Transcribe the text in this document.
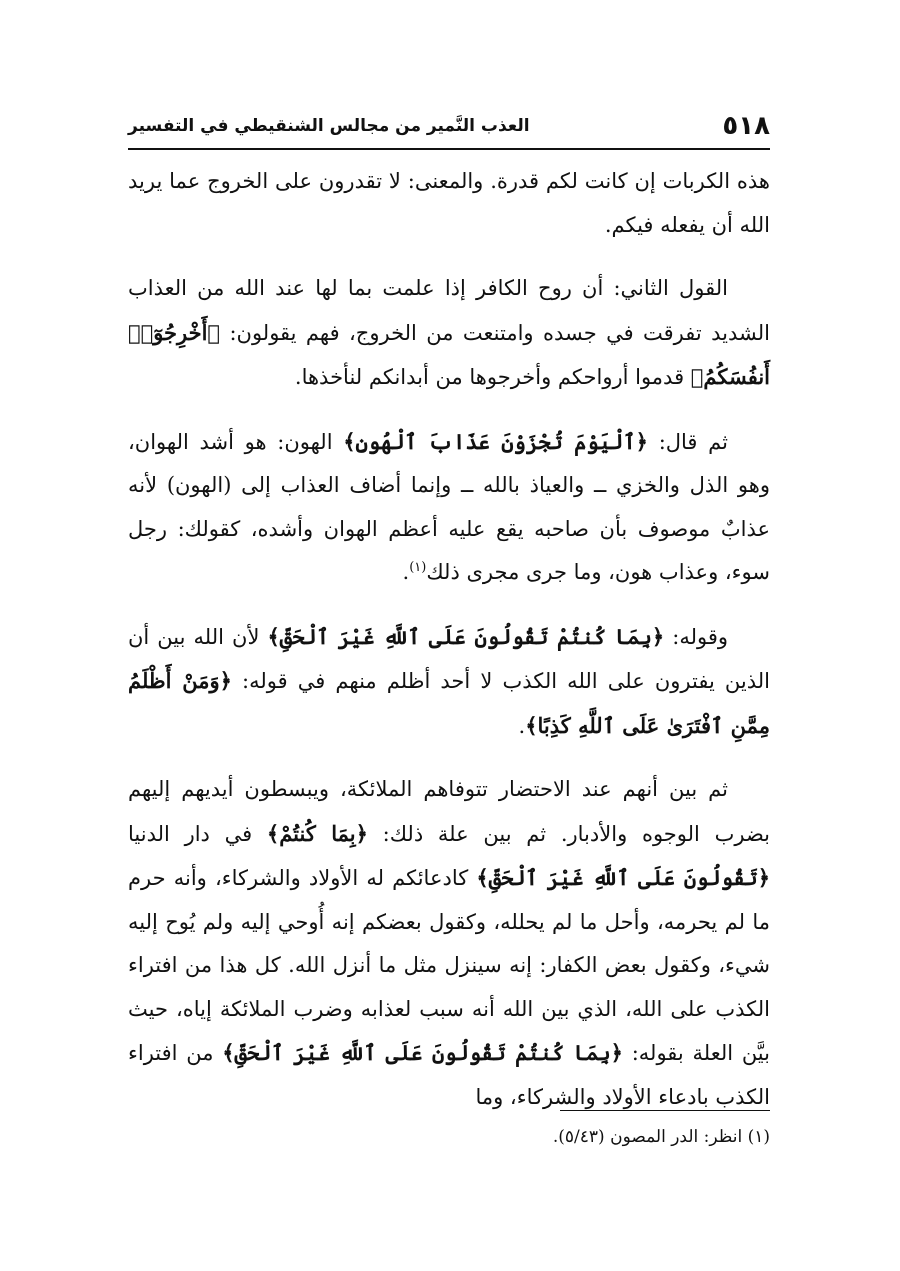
٥١٨
العذب النَّمير من مجالس الشنقيطي في التفسير

هذه الكربات إن كانت لكم قدرة. والمعنى: لا تقدرون على الخروج عما يريد الله أن يفعله فيكم.

القول الثاني: أن روح الكافر إذا علمت بما لها عند الله من العذاب الشديد تفرقت في جسده وامتنعت من الخروج، فهم يقولون: ﴿أَخْرِجُوٓا۟ أَنفُسَكُمُ﴾ قدموا أرواحكم وأخرجوها من أبدانكم لنأخذها.

ثم قال: ﴿ٱلْيَوْمَ تُجْزَوْنَ عَذَابَ ٱلْهُونِ﴾ الهون: هو أشد الهوان، وهو الذل والخزي ــ والعياذ بالله ــ وإنما أضاف العذاب إلى (الهون) لأنه عذابٌ موصوف بأن صاحبه يقع عليه أعظم الهوان وأشده، كقولك: رجل سوء، وعذاب هون، وما جرى مجرى ذلك$^{(١)}$.

وقوله: ﴿بِمَا كُنتُمْ تَقُولُونَ عَلَى ٱللَّهِ غَيْرَ ٱلْحَقِّ﴾ لأن الله بين أن الذين يفترون على الله الكذب لا أحد أظلم منهم في قوله: ﴿وَمَنْ أَظْلَمُ مِمَّنِ ٱفْتَرَىٰ عَلَى ٱللَّهِ كَذِبًا﴾.

ثم بين أنهم عند الاحتضار تتوفاهم الملائكة، ويبسطون أيديهم إليهم بضرب الوجوه والأدبار. ثم بين علة ذلك: ﴿بِمَا كُنتُمْ﴾ في دار الدنيا ﴿تَقُولُونَ عَلَى ٱللَّهِ غَيْرَ ٱلْحَقِّ﴾ كادعائكم له الأولاد والشركاء، وأنه حرم ما لم يحرمه، وأحل ما لم يحلله، وكقول بعضكم إنه أُوحي إليه ولم يُوح إليه شيء، وكقول بعض الكفار: إنه سينزل مثل ما أنزل الله. كل هذا من افتراء الكذب على الله، الذي بين الله أنه سبب لعذابه وضرب الملائكة إياه، حيث بيَّن العلة بقوله: ﴿بِمَا كُنتُمْ تَقُولُونَ عَلَى ٱللَّهِ غَيْرَ ٱلْحَقِّ﴾ من افتراء الكذب بادعاء الأولاد والشركاء، وما

(١) انظر: الدر المصون (٥/٤٣).
